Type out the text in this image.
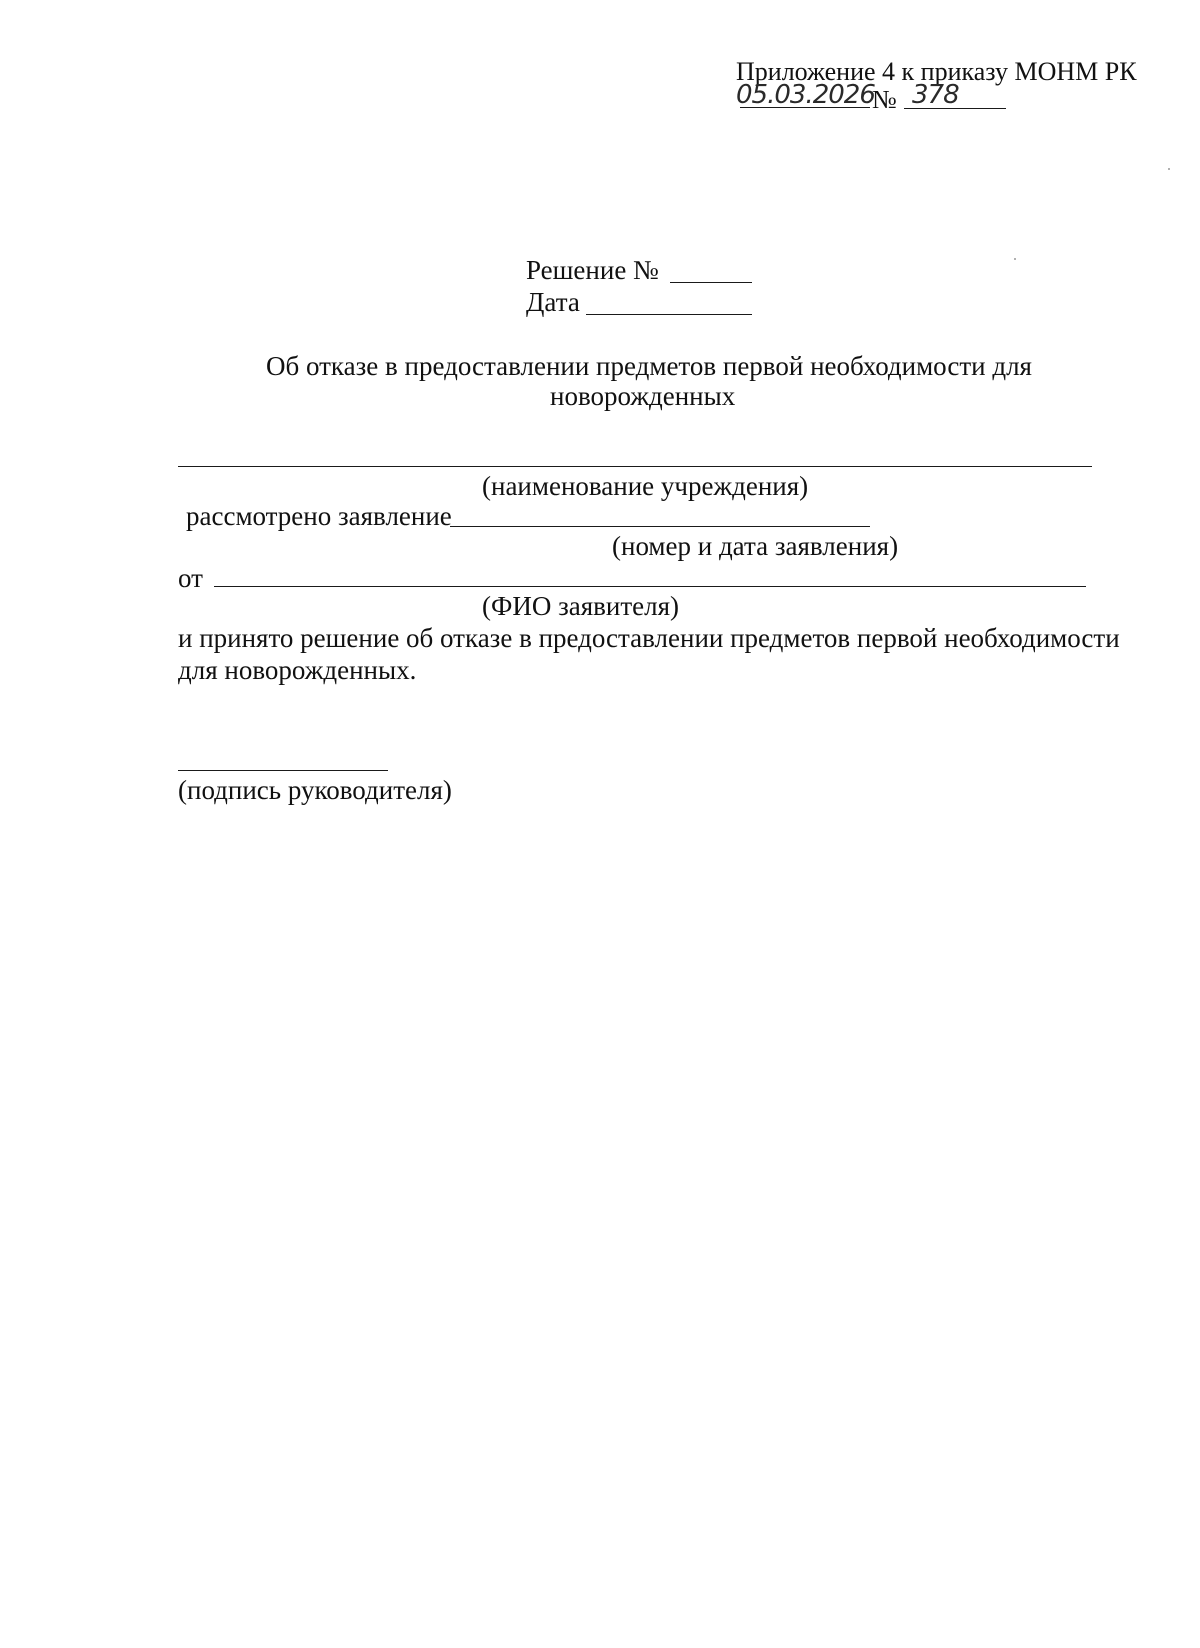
Приложение 4 к приказу МОНМ РК
05.03.2026
№ 378
Решение №
Дата
Об отказе в предоставлении предметов первой необходимости для
новорожденных
(наименование учреждения)
рассмотрено заявление
(номер и дата заявления)
от
(ФИО заявителя)
и принято решение об отказе в предоставлении предметов первой необходимости
для новорожденных.
(подпись руководителя)
